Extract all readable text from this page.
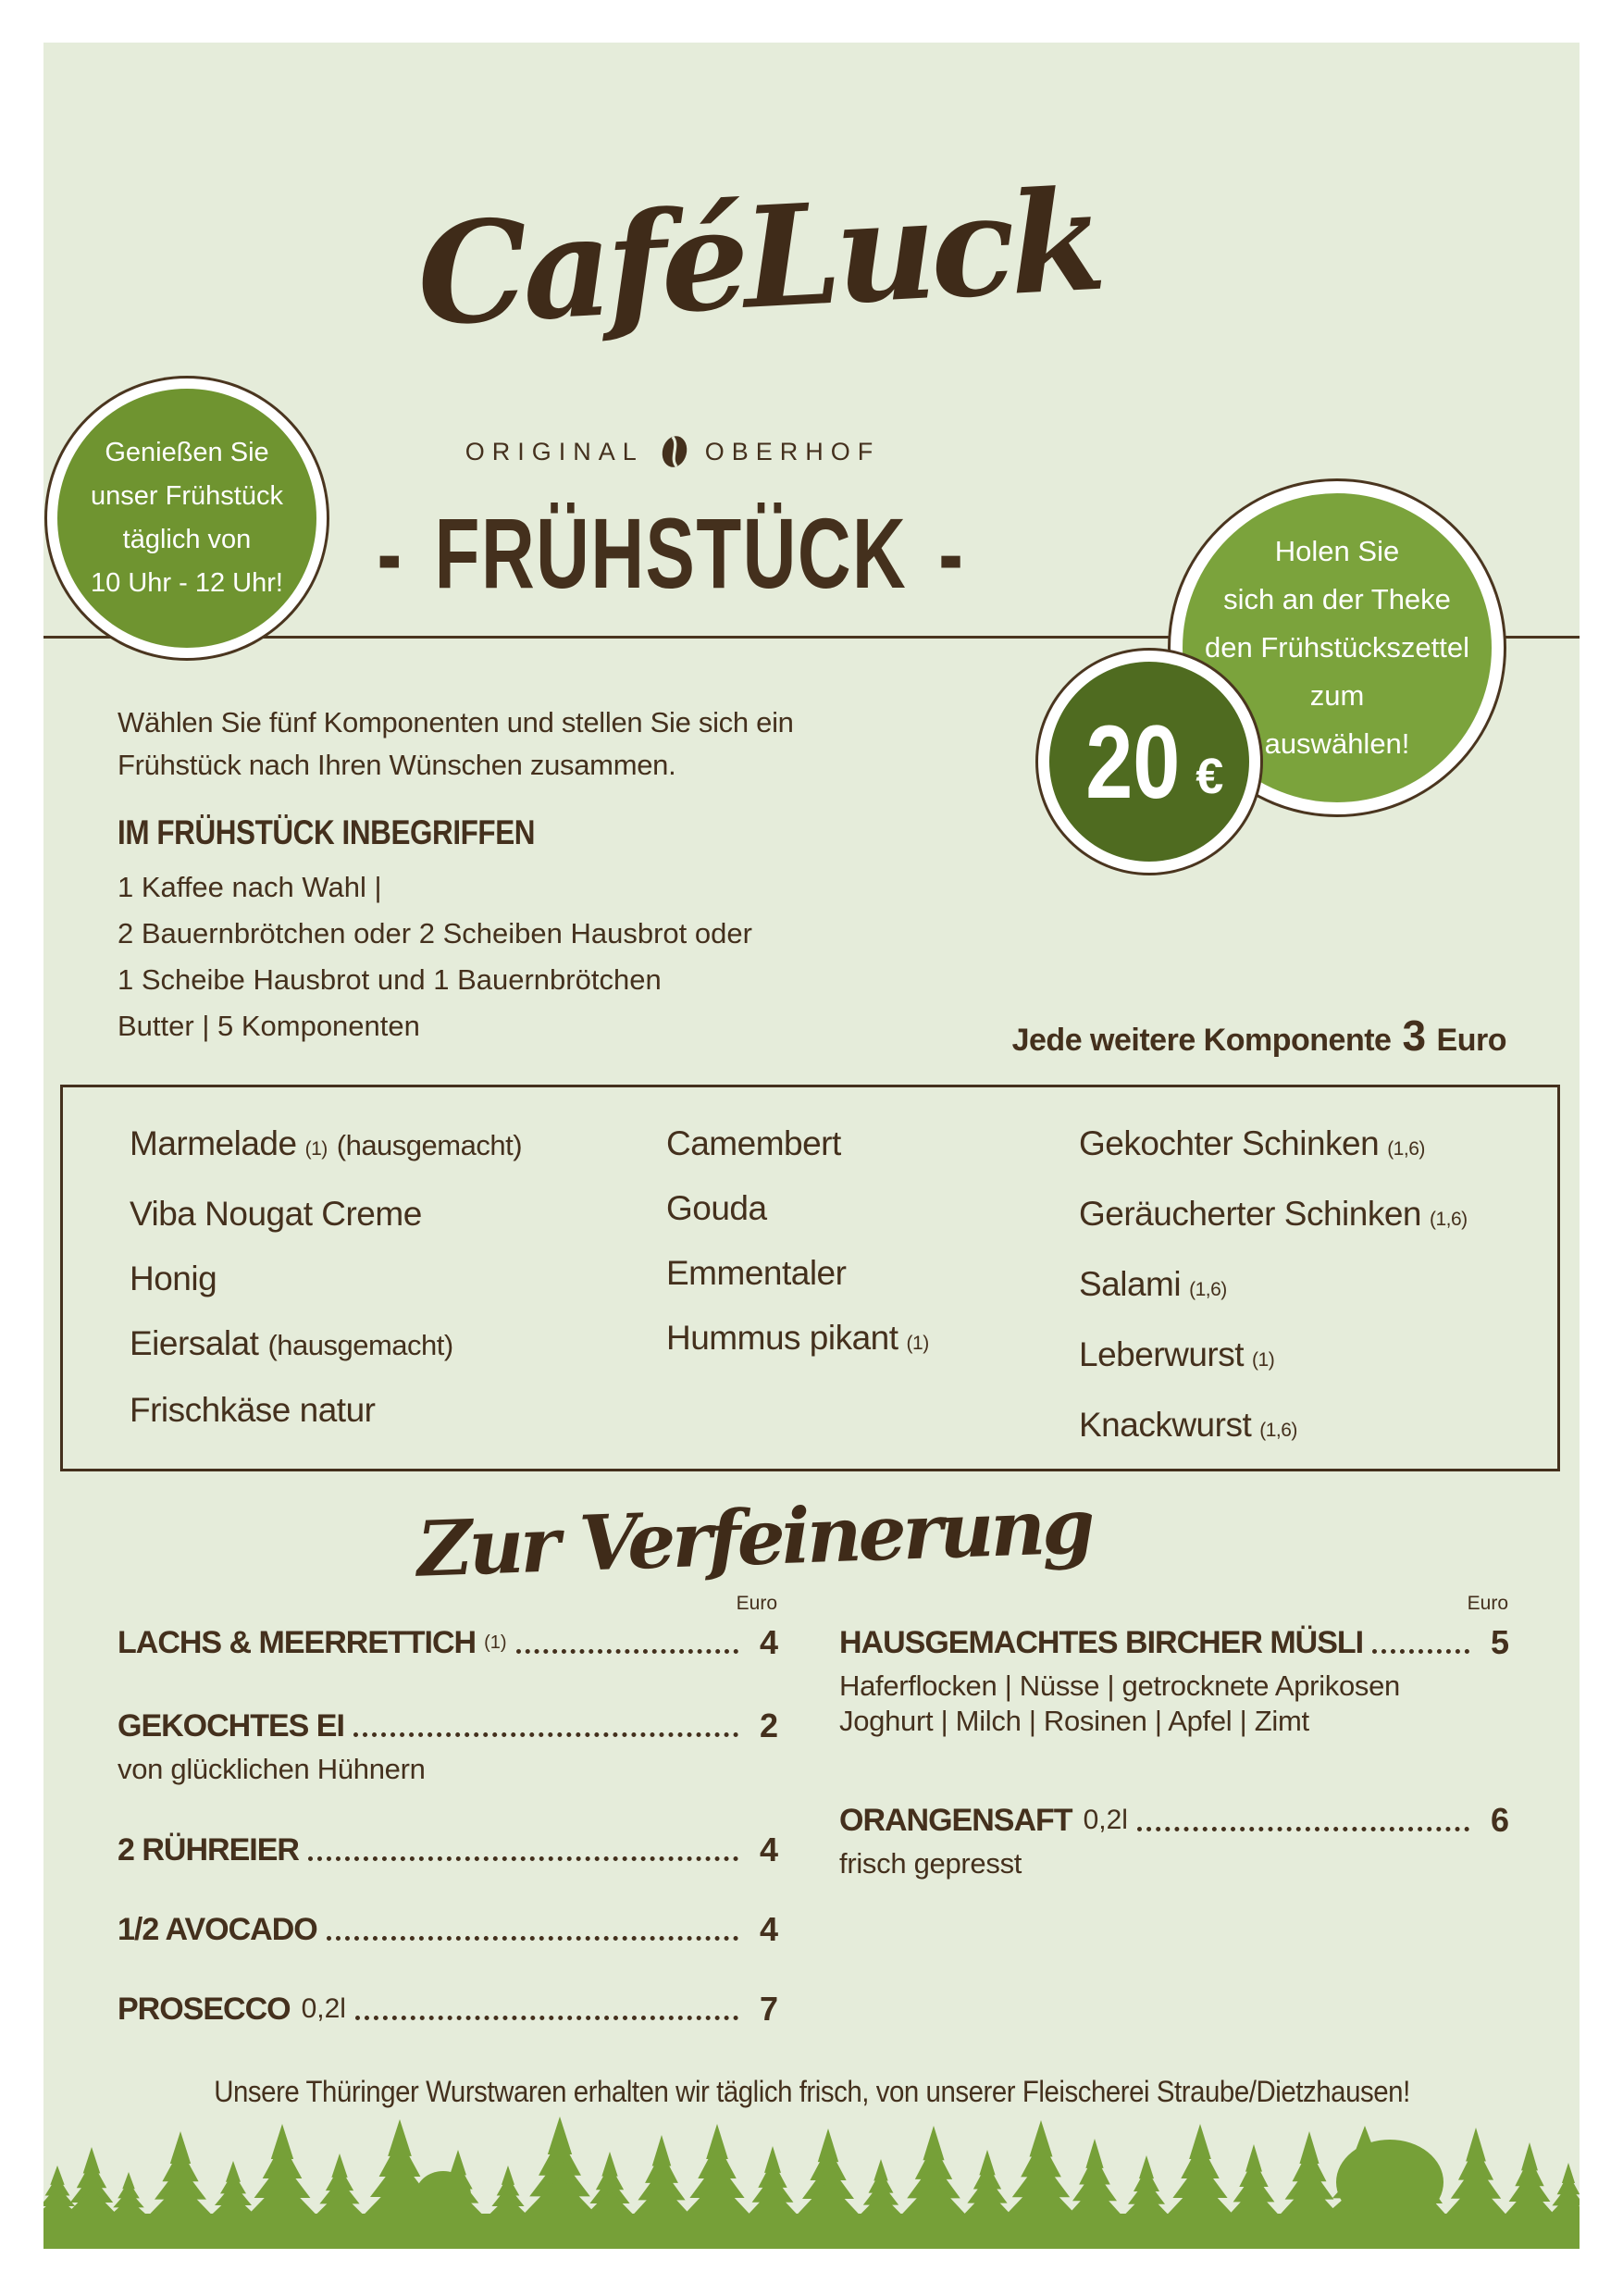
CaféLuck
ORIGINAL OBERHOF
- FRÜHSTÜCK -
Genießen Sie
unser Frühstück
täglich von
10 Uhr - 12 Uhr!
Holen Sie
sich an der Theke
den Frühstückszettel
zum
auswählen!
20 €
Wählen Sie fünf Komponenten und stellen Sie sich ein
Frühstück nach Ihren Wünschen zusammen.
IM FRÜHSTÜCK INBEGRIFFEN
1 Kaffee nach Wahl |
2 Bauernbrötchen oder 2 Scheiben Hausbrot oder
1 Scheibe Hausbrot und 1 Bauernbrötchen
Butter | 5 Komponenten	Jede weitere Komponente 3 Euro
Marmelade (1) (hausgemacht)
Viba Nougat Creme
Honig
Eiersalat (hausgemacht)
Frischkäse natur
Camembert
Gouda
Emmentaler
Hummus pikant (1)
Gekochter Schinken (1,6)
Geräucherter Schinken (1,6)
Salami (1,6)
Leberwurst (1)
Knackwurst (1,6)
Zur Verfeinerung
Euro
LACHS & MEERRETTICH (1)	4
GEKOCHTES EI	2
von glücklichen Hühnern
2 RÜHREIER	4
1/2 AVOCADO	4
PROSECCO 0,2l	7
Euro
HAUSGEMACHTES BIRCHER MÜSLI	5
Haferflocken | Nüsse | getrocknete Aprikosen
Joghurt | Milch | Rosinen | Apfel | Zimt
ORANGENSAFT 0,2l	6
frisch gepresst
Unsere Thüringer Wurstwaren erhalten wir täglich frisch, von unserer Fleischerei Straube/Dietzhausen!
